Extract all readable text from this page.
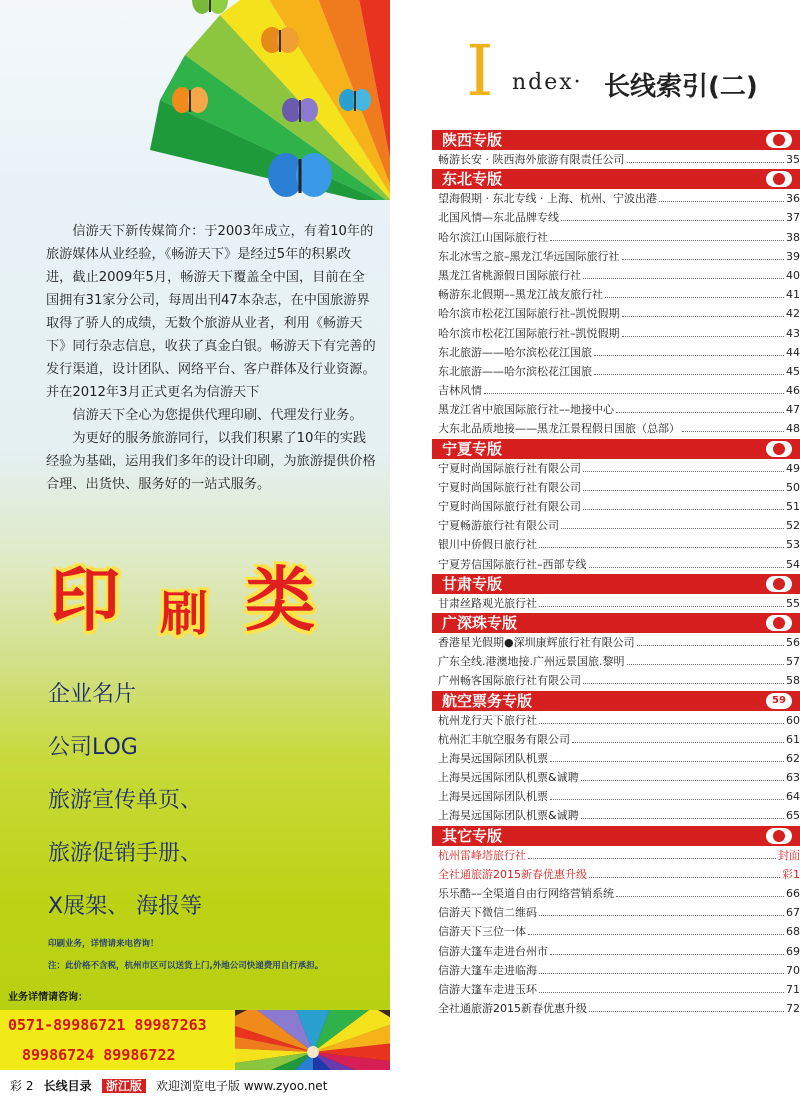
信游天下新传媒简介：于2003年成立，有着10年的旅游媒体从业经验，《畅游天下》是经过5年的积累改进，截止2009年5月，畅游天下覆盖全中国，目前在全国拥有31家分公司，每周出刊47本杂志，在中国旅游界取得了骄人的成绩，无数个旅游从业者，利用《畅游天下》同行杂志信息，收获了真金白银。畅游天下有完善的发行渠道，设计团队、网络平台、客户群体及行业资源。并在2012年3月正式更名为信游天下

信游天下全心为您提供代理印刷、代理发行业务。

为更好的服务旅游同行，以我们积累了10年的实践经验为基础，运用我们多年的设计印刷，为旅游提供价格合理、出货快、服务好的一站式服务。

印 刷 类
企业名片
公司LOG
旅游宣传单页、
旅游促销手册、
X展架、 海报等
印刷业务，详情请来电咨询！
注：此价格不含税，杭州市区可以送货上门,外地公司快递费用自行承担。
业务详情请咨询：
0571-89986721 89987263
89986724 89986722
彩 2 长线目录 浙江版 欢迎浏览电子版 www.zyoo.net
I ndex· 长线索引(二)
陕西专版
畅游长安 · 陕西海外旅游有限责任公司	35
东北专版
望海假期 · 东北专线 · 上海、杭州、宁波出港	36
北国风情—东北品牌专线	37
哈尔滨江山国际旅行社	38
东北冰雪之旅–黑龙江华远国际旅行社	39
黑龙江省桃源假日国际旅行社	40
畅游东北假期––黑龙江战友旅行社	41
哈尔滨市松花江国际旅行社–凯悦假期	42
哈尔滨市松花江国际旅行社–凯悦假期	43
东北旅游——哈尔滨松花江国旅	44
东北旅游——哈尔滨松花江国旅	45
吉林风情	46
黑龙江省中旅国际旅行社––地接中心	47
大东北品质地接——黑龙江景程假日国旅（总部）	48
宁夏专版
宁夏时尚国际旅行社有限公司	49
宁夏时尚国际旅行社有限公司	50
宁夏时尚国际旅行社有限公司	51
宁夏畅游旅行社有限公司	52
银川中侨假日旅行社	53
宁夏芳信国际旅行社–西部专线	54
甘肃专版
甘肃丝路观光旅行社	55
广深珠专版
香港星光假期●深圳康辉旅行社有限公司	56
广东全线.港澳地接.广州远景国旅.黎明	57
广州畅客国际旅行社有限公司	58
航空票务专版	59
杭州龙行天下旅行社	60
杭州汇丰航空服务有限公司	61
上海昊远国际团队机票	62
上海昊远国际团队机票&诚聘	63
上海昊远国际团队机票	64
上海昊远国际团队机票&诚聘	65
其它专版
杭州雷峰塔旅行社	封面
全社通旅游2015新春优惠升级	彩1
乐乐酷––全渠道自由行网络营销系统	66
信游天下微信二维码	67
信游天下三位一体	68
信游大篷车走进台州市	69
信游大篷车走进临海	70
信游大篷车走进玉环	71
全社通旅游2015新春优惠升级	72
